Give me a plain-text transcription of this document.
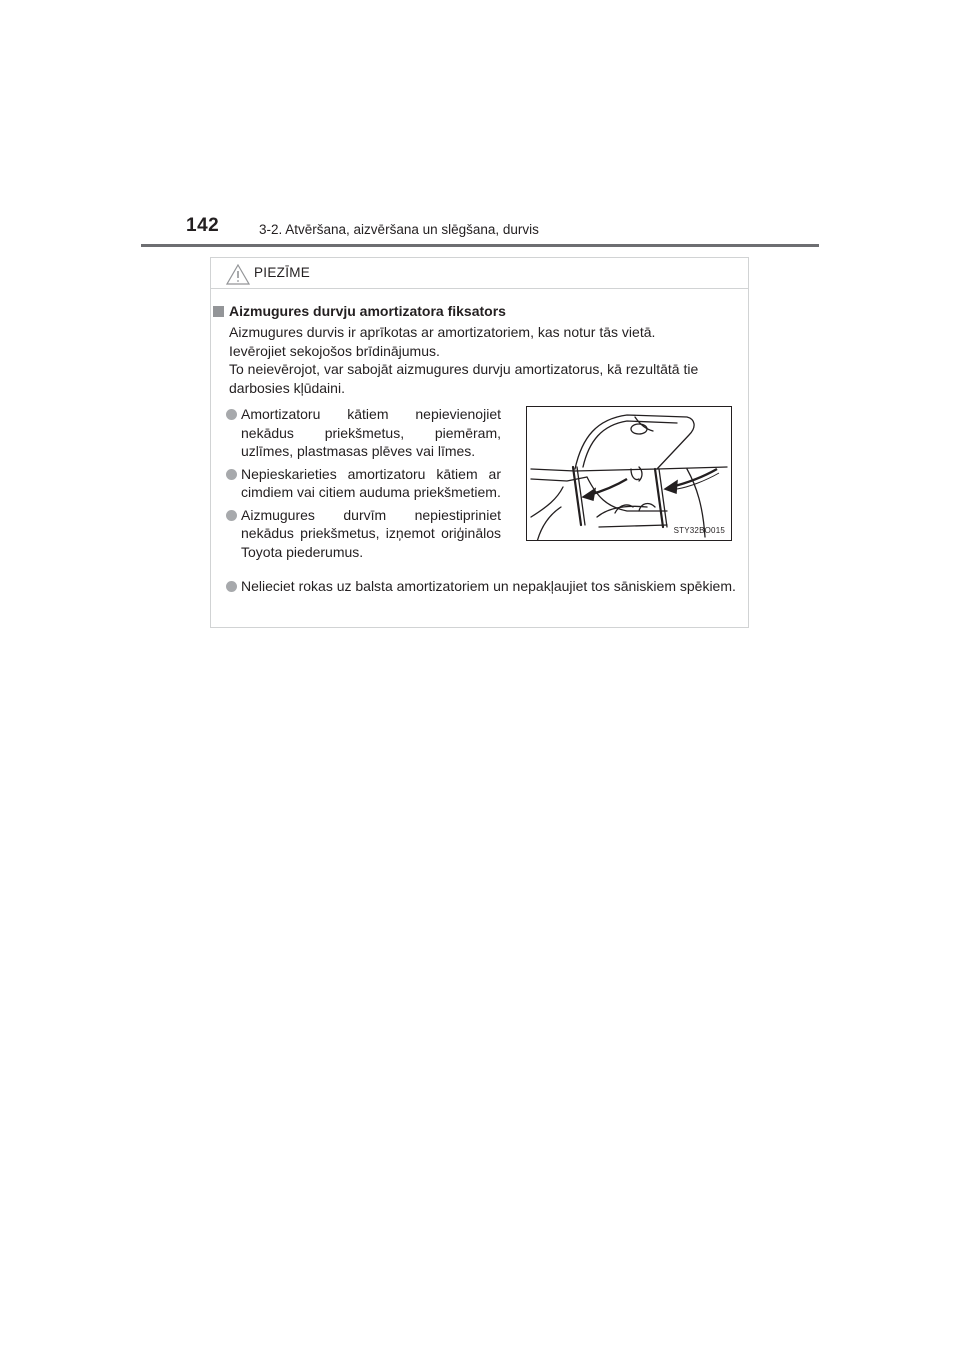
142	3-2. Atvēršana, aizvēršana un slēgšana, durvis
PIEZĪME
Aizmugures durvju amortizatora fiksators
Aizmugures durvis ir aprīkotas ar amortizatoriem, kas notur tās vietā.
Ievērojiet sekojošos brīdinājumus.
To neievērojot, var sabojāt aizmugures durvju amortizatorus, kā rezultātā tie
darbosies kļūdaini.
Amortizatoru kātiem nepievienojiet nekādus priekšmetus, piemēram, uzlīmes, plastmasas plēves vai līmes.
Nepieskarieties amortizatoru kātiem ar cimdiem vai citiem auduma priekšmetiem.
Aizmugures durvīm nepiestipriniet nekādus priekšmetus, izņemot oriģinālos Toyota piederumus.
STY32BO015
Nelieciet rokas uz balsta amortizatoriem un nepakļaujiet tos sāniskiem spēkiem.
